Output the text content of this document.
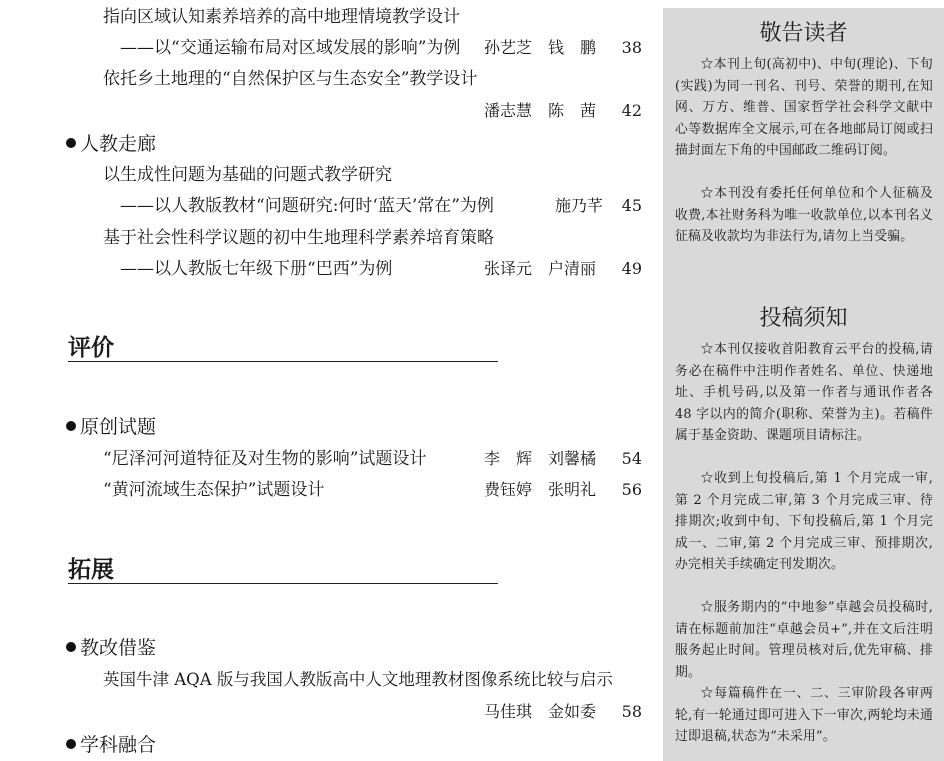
指向区域认知素养培养的高中地理情境教学设计
——以“交通运输布局对区域发展的影响”为例 孙艺芝　钱　鹏 38
依托乡土地理的“自然保护区与生态安全”教学设计
潘志慧　陈　茜 42
人教走廊
以生成性问题为基础的问题式教学研究
——以人教版教材“问题研究:何时‘蓝天’常在”为例	施乃芊 45
基于社会性科学议题的初中生地理科学素养培育策略
——以人教版七年级下册“巴西”为例	张译元　户清丽 49
评价
原创试题
“尼泽河河道特征及对生物的影响”试题设计	李　辉　刘馨橘 54
“黄河流域生态保护”试题设计	费钰婷　张明礼 56
拓展
教改借鉴
英国牛津 AQA 版与我国人教版高中人文地理教材图像系统比较与启示
马佳琪　金如委 58
学科融合
敬告读者

☆本刊上旬(高初中)、中旬(理论)、下旬(实践)为同一刊名、刊号、荣誉的期刊,在知网、万方、维普、国家哲学社会科学文献中心等数据库全文展示,可在各地邮局订阅或扫描封面左下角的中国邮政二维码订阅。

☆本刊没有委托任何单位和个人征稿及收费,本社财务科为唯一收款单位,以本刊名义征稿及收款均为非法行为,请勿上当受骗。

投稿须知

☆本刊仅接收首阳教育云平台的投稿,请务必在稿件中注明作者姓名、单位、快递地址、手机号码,以及第一作者与通讯作者各 48 字以内的简介(职称、荣誉为主)。若稿件属于基金资助、课题项目请标注。

☆收到上旬投稿后,第 1 个月完成一审,第 2 个月完成二审,第 3 个月完成三审、待排期次;收到中旬、下旬投稿后,第 1 个月完成一、二审,第 2 个月完成三审、预排期次,办完相关手续确定刊发期次。

☆服务期内的“中地参”卓越会员投稿时,请在标题前加注“卓越会员+”,并在文后注明服务起止时间。管理员核对后,优先审稿、排期。

☆每篇稿件在一、二、三审阶段各审两轮,有一轮通过即可进入下一审次,两轮均未通过即退稿,状态为“未采用”。
